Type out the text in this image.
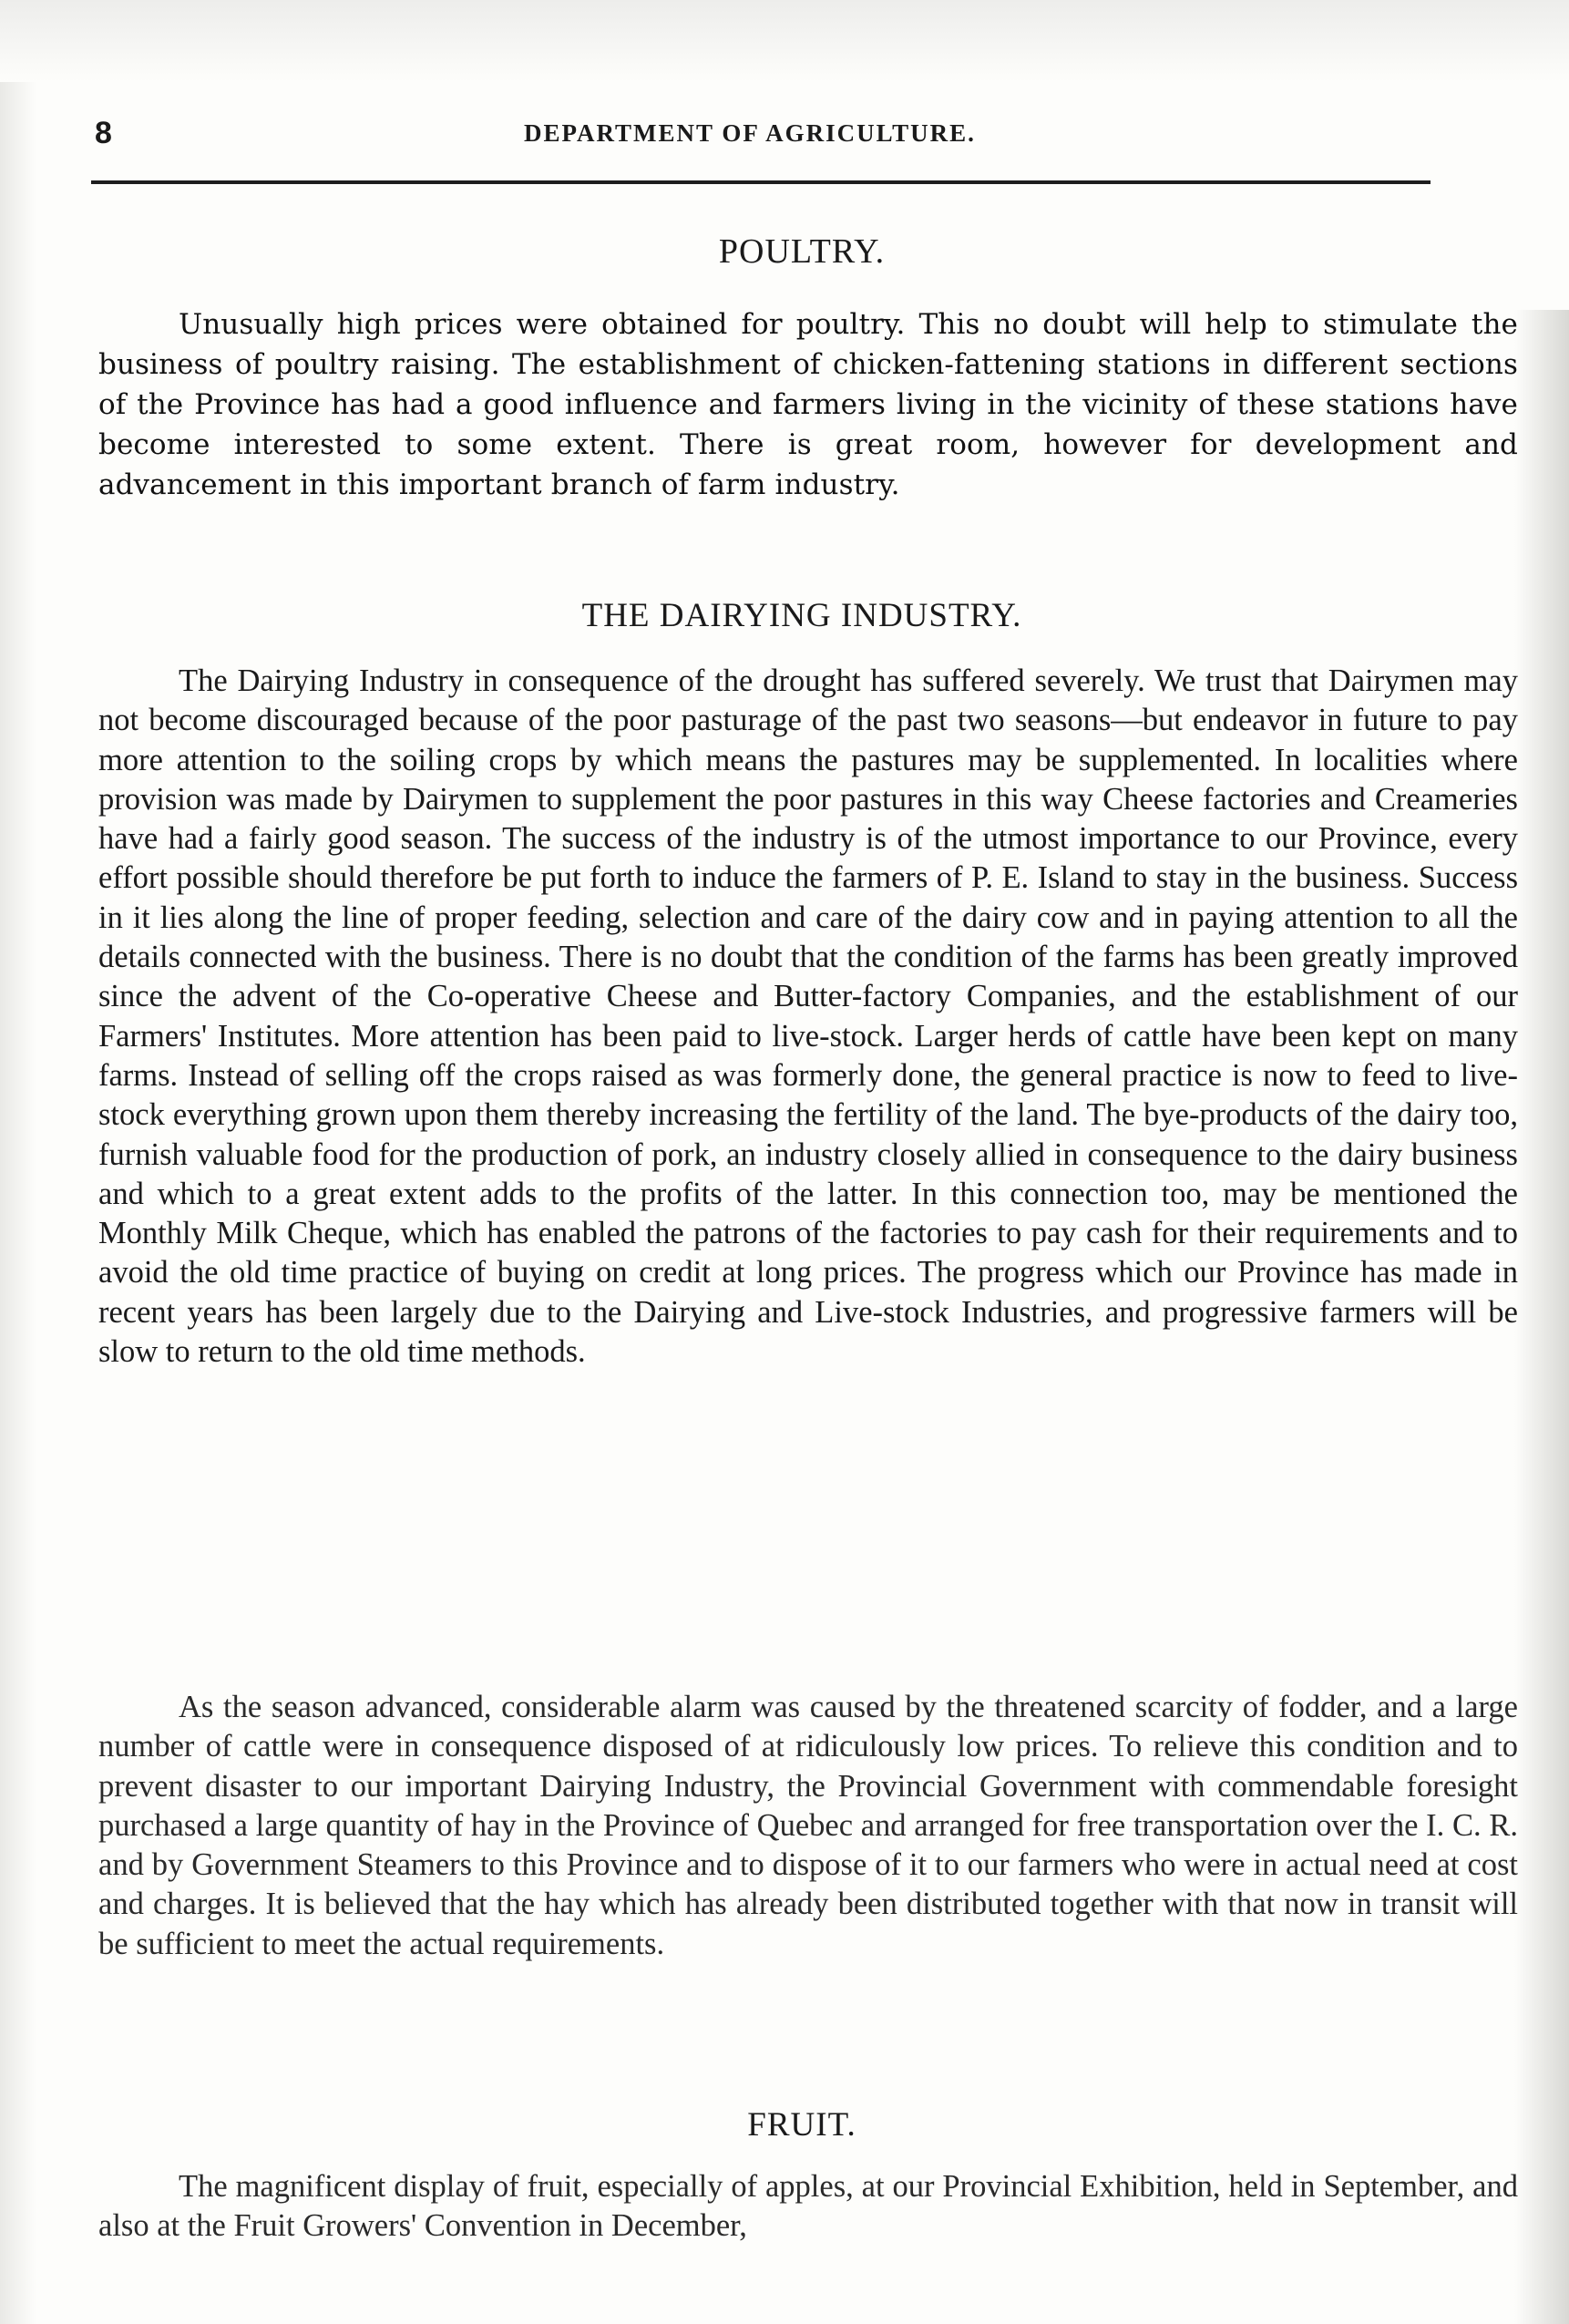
8	DEPARTMENT OF AGRICULTURE.
POULTRY.

Unusually high prices were obtained for poultry. This no doubt will help to stimulate the business of poultry raising. The establishment of chicken-fattening stations in different sections of the Province has had a good influence and farmers living in the vicinity of these stations have become interested to some extent. There is great room, however for development and advancement in this important branch of farm industry.

THE DAIRYING INDUSTRY.

The Dairying Industry in consequence of the drought has suffered severely. We trust that Dairymen may not become discouraged because of the poor pasturage of the past two seasons—but endeavor in future to pay more attention to the soiling crops by which means the pastures may be supplemented. In localities where provision was made by Dairymen to supplement the poor pastures in this way Cheese factories and Creameries have had a fairly good season. The success of the industry is of the utmost importance to our Province, every effort possible should therefore be put forth to induce the farmers of P. E. Island to stay in the business. Success in it lies along the line of proper feeding, selection and care of the dairy cow and in paying attention to all the details connected with the business. There is no doubt that the condition of the farms has been greatly improved since the advent of the Co-operative Cheese and Butter-factory Companies, and the establishment of our Farmers' Institutes. More attention has been paid to live-stock. Larger herds of cattle have been kept on many farms. Instead of selling off the crops raised as was formerly done, the general practice is now to feed to live-stock everything grown upon them thereby increasing the fertility of the land. The bye-products of the dairy too, furnish valuable food for the production of pork, an industry closely allied in consequence to the dairy business and which to a great extent adds to the profits of the latter. In this connection too, may be mentioned the Monthly Milk Cheque, which has enabled the patrons of the factories to pay cash for their requirements and to avoid the old time practice of buying on credit at long prices. The progress which our Province has made in recent years has been largely due to the Dairying and Live-stock Industries, and progressive farmers will be slow to return to the old time methods.

As the season advanced, considerable alarm was caused by the threatened scarcity of fodder, and a large number of cattle were in consequence disposed of at ridiculously low prices. To relieve this condition and to prevent disaster to our important Dairying Industry, the Provincial Government with commendable foresight purchased a large quantity of hay in the Province of Quebec and arranged for free transportation over the I. C. R. and by Government Steamers to this Province and to dispose of it to our farmers who were in actual need at cost and charges. It is believed that the hay which has already been distributed together with that now in transit will be sufficient to meet the actual requirements.

FRUIT.

The magnificent display of fruit, especially of apples, at our Provincial Exhibition, held in September, and also at the Fruit Growers' Convention in December,
